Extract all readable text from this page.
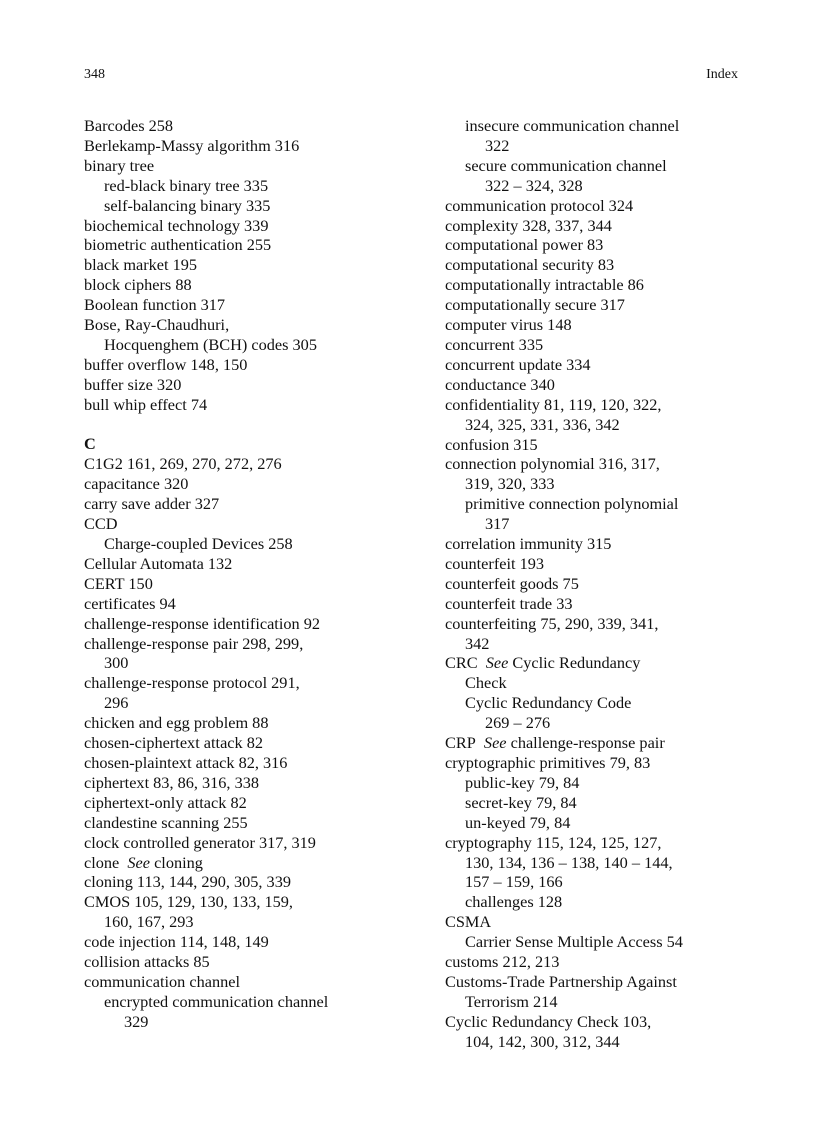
348	Index
Barcodes 258
Berlekamp-Massy algorithm 316
binary tree
red-black binary tree 335
self-balancing binary 335
biochemical technology 339
biometric authentication 255
black market 195
block ciphers 88
Boolean function 317
Bose, Ray-Chaudhuri,
Hocquenghem (BCH) codes 305
buffer overflow 148, 150
buffer size 320
bull whip effect 74
C
C1G2 161, 269, 270, 272, 276
capacitance 320
carry save adder 327
CCD
Charge-coupled Devices 258
Cellular Automata 132
CERT 150
certificates 94
challenge-response identification 92
challenge-response pair 298, 299,
300
challenge-response protocol 291,
296
chicken and egg problem 88
chosen-ciphertext attack 82
chosen-plaintext attack 82, 316
ciphertext 83, 86, 316, 338
ciphertext-only attack 82
clandestine scanning 255
clock controlled generator 317, 319
clone See cloning
cloning 113, 144, 290, 305, 339
CMOS 105, 129, 130, 133, 159,
160, 167, 293
code injection 114, 148, 149
collision attacks 85
communication channel
encrypted communication channel
329
insecure communication channel
322
secure communication channel
322 – 324, 328
communication protocol 324
complexity 328, 337, 344
computational power 83
computational security 83
computationally intractable 86
computationally secure 317
computer virus 148
concurrent 335
concurrent update 334
conductance 340
confidentiality 81, 119, 120, 322,
324, 325, 331, 336, 342
confusion 315
connection polynomial 316, 317,
319, 320, 333
primitive connection polynomial
317
correlation immunity 315
counterfeit 193
counterfeit goods 75
counterfeit trade 33
counterfeiting 75, 290, 339, 341,
342
CRC See Cyclic Redundancy
Check
Cyclic Redundancy Code
269 – 276
CRP See challenge-response pair
cryptographic primitives 79, 83
public-key 79, 84
secret-key 79, 84
un-keyed 79, 84
cryptography 115, 124, 125, 127,
130, 134, 136 – 138, 140 – 144,
157 – 159, 166
challenges 128
CSMA
Carrier Sense Multiple Access 54
customs 212, 213
Customs-Trade Partnership Against
Terrorism 214
Cyclic Redundancy Check 103,
104, 142, 300, 312, 344
